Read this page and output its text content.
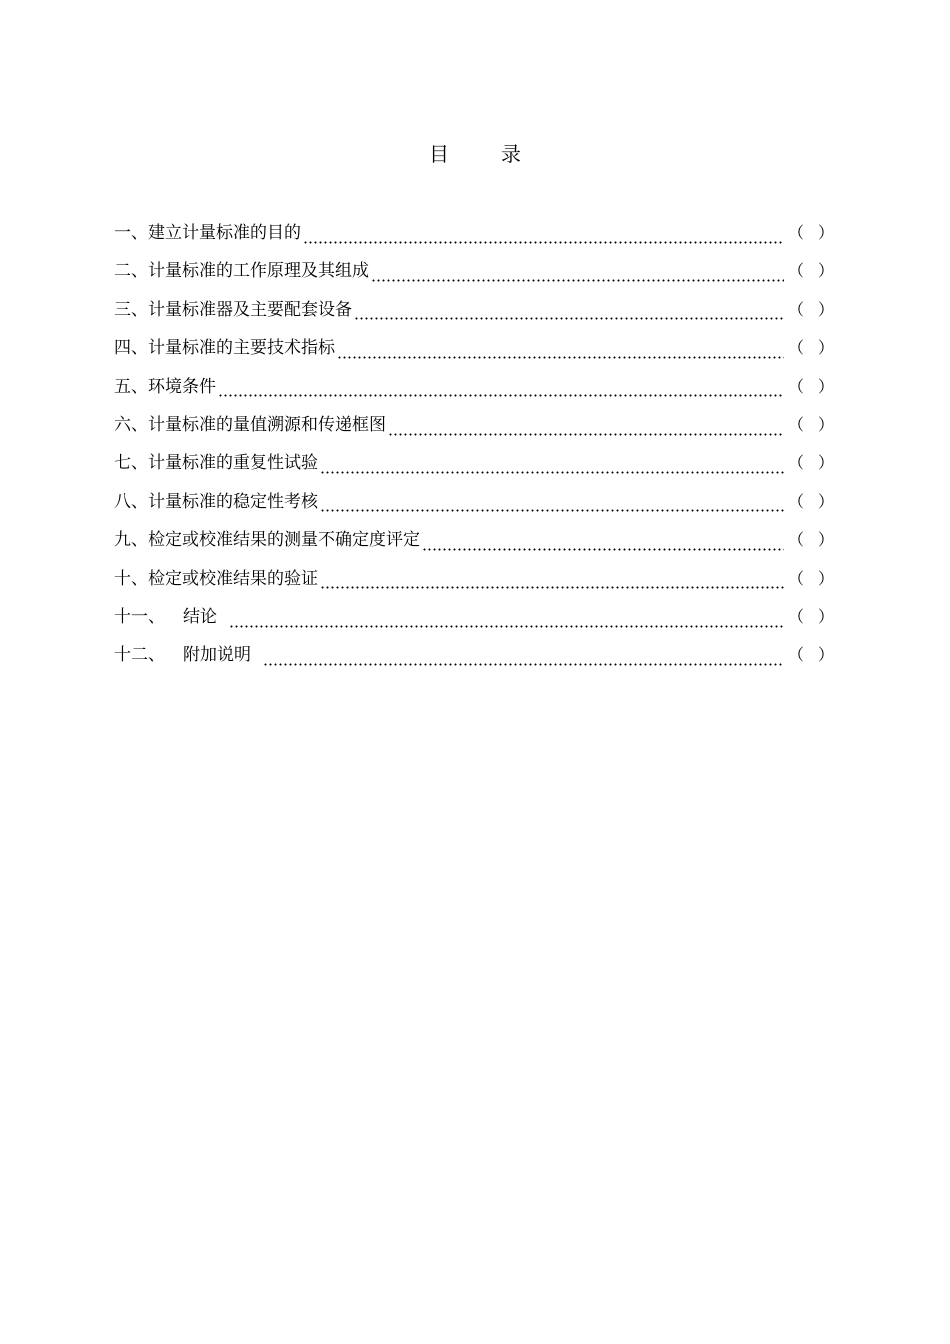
目	录
一、建立计量标准的目的	（ ）
二、计量标准的工作原理及其组成	（ ）
三、计量标准器及主要配套设备	（ ）
四、计量标准的主要技术指标	（ ）
五、环境条件	（ ）
六、计量标准的量值溯源和传递框图	（ ）
七、计量标准的重复性试验	（ ）
八、计量标准的稳定性考核	（ ）
九、检定或校准结果的测量不确定度评定	（ ）
十、检定或校准结果的验证	（ ）
十一、 结论	（ ）
十二、 附加说明	（ ）
